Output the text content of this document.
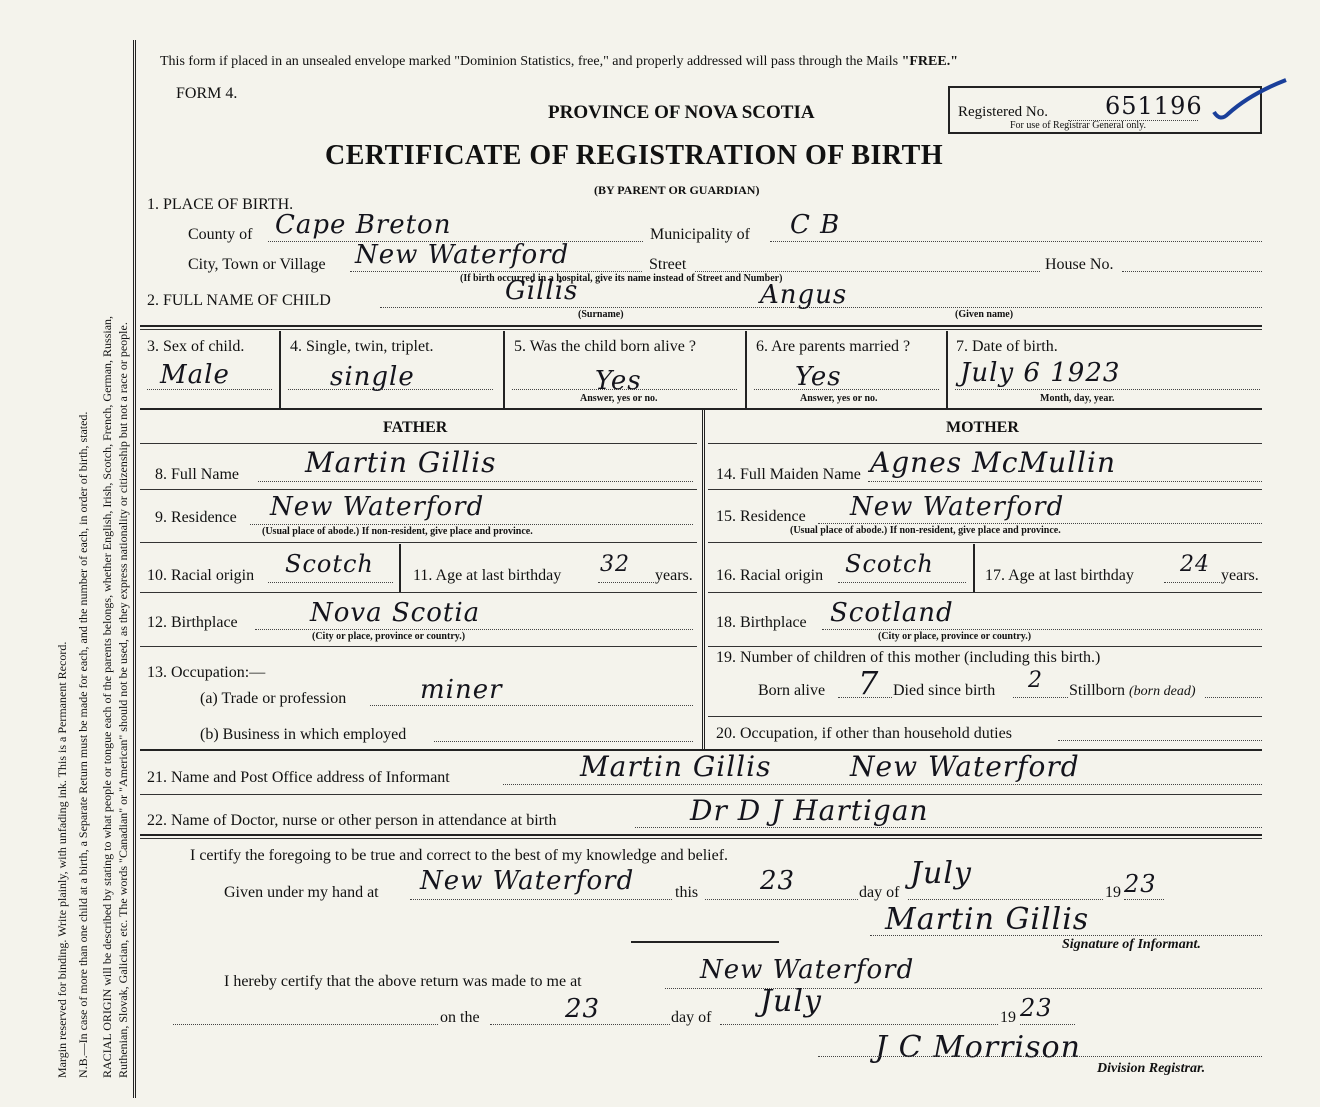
Margin reserved for binding. Write plainly, with unfading ink. This is a Permanent Record. N.B.—In case of more than one child at a birth, a Separate Return must be made for each, and the number of each, in order of birth, stated. RACIAL ORIGIN will be described by stating to what people or tongue each of the parents belongs, whether English, Irish, Scotch, French, German, Russian, Ruthenian, Slovak, Galician, etc. The words "Canadian" or "American" should not be used, as they express nationality or citizenship but not a race or people.
This form if placed in an unsealed envelope marked "Dominion Statistics, free," and properly addressed will pass through the Mails "FREE."
FORM 4.
PROVINCE OF NOVA SCOTIA
CERTIFICATE OF REGISTRATION OF BIRTH
(BY PARENT OR GUARDIAN)
Registered No. 651196
For use of Registrar General only.
1. PLACE OF BIRTH.
County of Cape Breton	Municipality of C B
City, Town or Village New Waterford	Street	House No.
(If birth occurred in a hospital, give its name instead of Street and Number)
2. FULL NAME OF CHILD	Gillis	Angus
(Surname)	(Given name)
3. Sex of child.	4. Single, twin, triplet.	5. Was the child born alive ?	6. Are parents married ?	7. Date of birth.
Male	single	Yes	Yes	July 6 1923
Answer, yes or no.	Answer, yes or no.	Month, day, year.
FATHER	MOTHER
8. Full Name Martin Gillis	14. Full Maiden Name Agnes McMullin
9. Residence New Waterford
(Usual place of abode.) If non-resident, give place and province.
15. Residence New Waterford
(Usual place of abode.) If non-resident, give place and province.
10. Racial origin Scotch 11. Age at last birthday 32 years. 16. Racial origin Scotch	17. Age at last birthday 24 years.
12. Birthplace	Nova Scotia
(City or place, province or country.)
18. Birthplace Scotland
(City or place, province or country.)
13. Occupation:—
(a) Trade or profession	miner
(b) Business in which employed
19. Number of children of this mother (including this birth.)
Born alive 7 Died since birth 2 Stillborn (born dead)
20. Occupation, if other than household duties
21. Name and Post Office address of Informant	Martin Gillis	New Waterford
22. Name of Doctor, nurse or other person in attendance at birth	Dr D J Hartigan
I certify the foregoing to be true and correct to the best of my knowledge and belief.
Given under my hand at New Waterford	this 23	day of
July
19 23
Martin Gillis
Signature of Informant.
I hereby certify that the above return was made to me at	New Waterford
on the	23	day of July	19 23
J C Morrison
Division Registrar.
